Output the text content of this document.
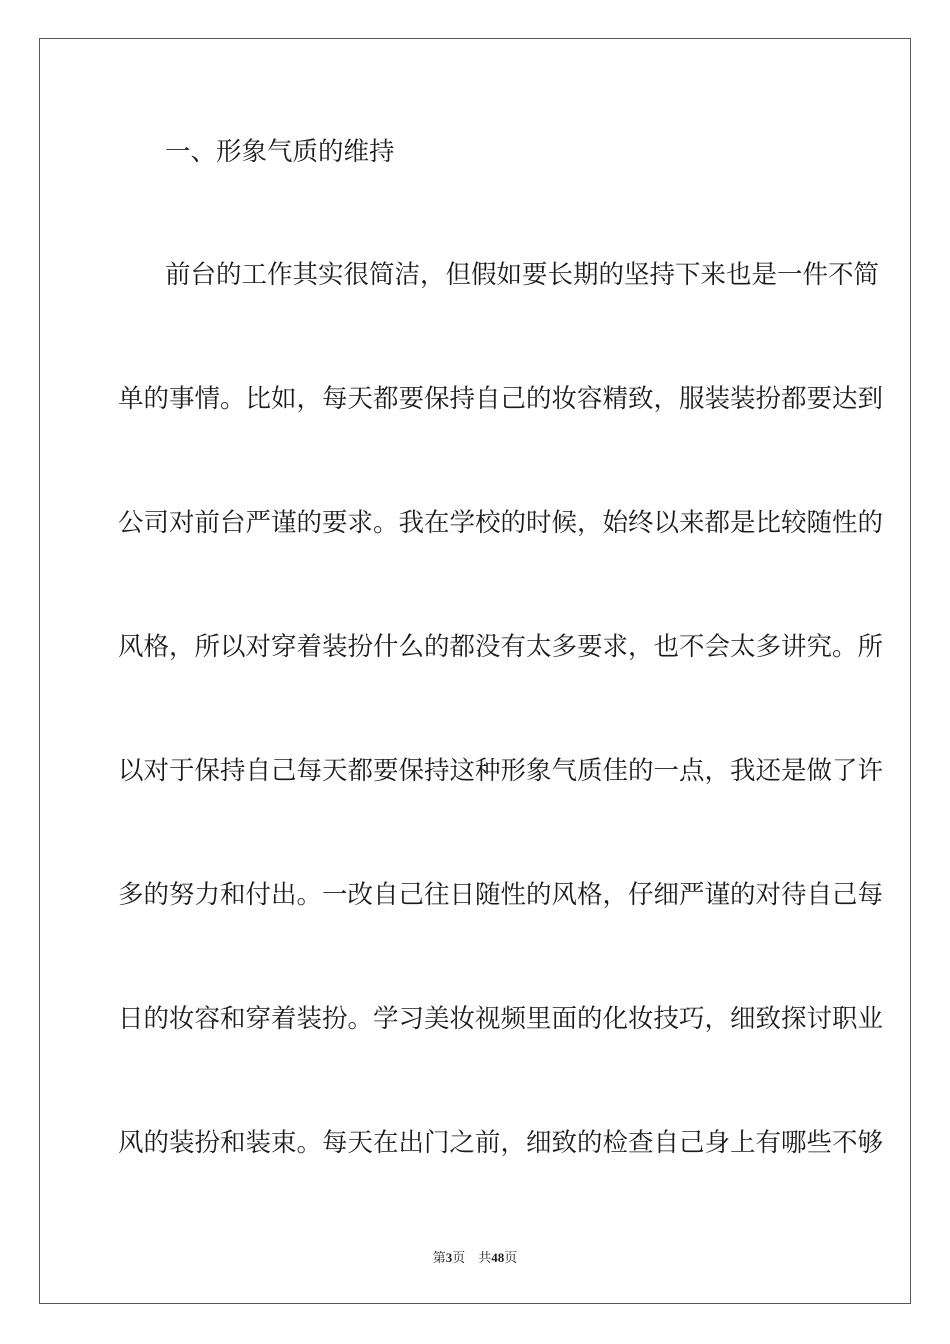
一、形象气质的维持
前台的工作其实很简洁，但假如要长期的坚持下来也是一件不简
单的事情。比如，每天都要保持自己的妆容精致，服装装扮都要达到
公司对前台严谨的要求。我在学校的时候，始终以来都是比较随性的
风格，所以对穿着装扮什么的都没有太多要求，也不会太多讲究。所
以对于保持自己每天都要保持这种形象气质佳的一点，我还是做了许
多的努力和付出。一改自己往日随性的风格，仔细严谨的对待自己每
日的妆容和穿着装扮。学习美妆视频里面的化妆技巧，细致探讨职业
风的装扮和装束。每天在出门之前，细致的检查自己身上有哪些不够
第3页 共48页
